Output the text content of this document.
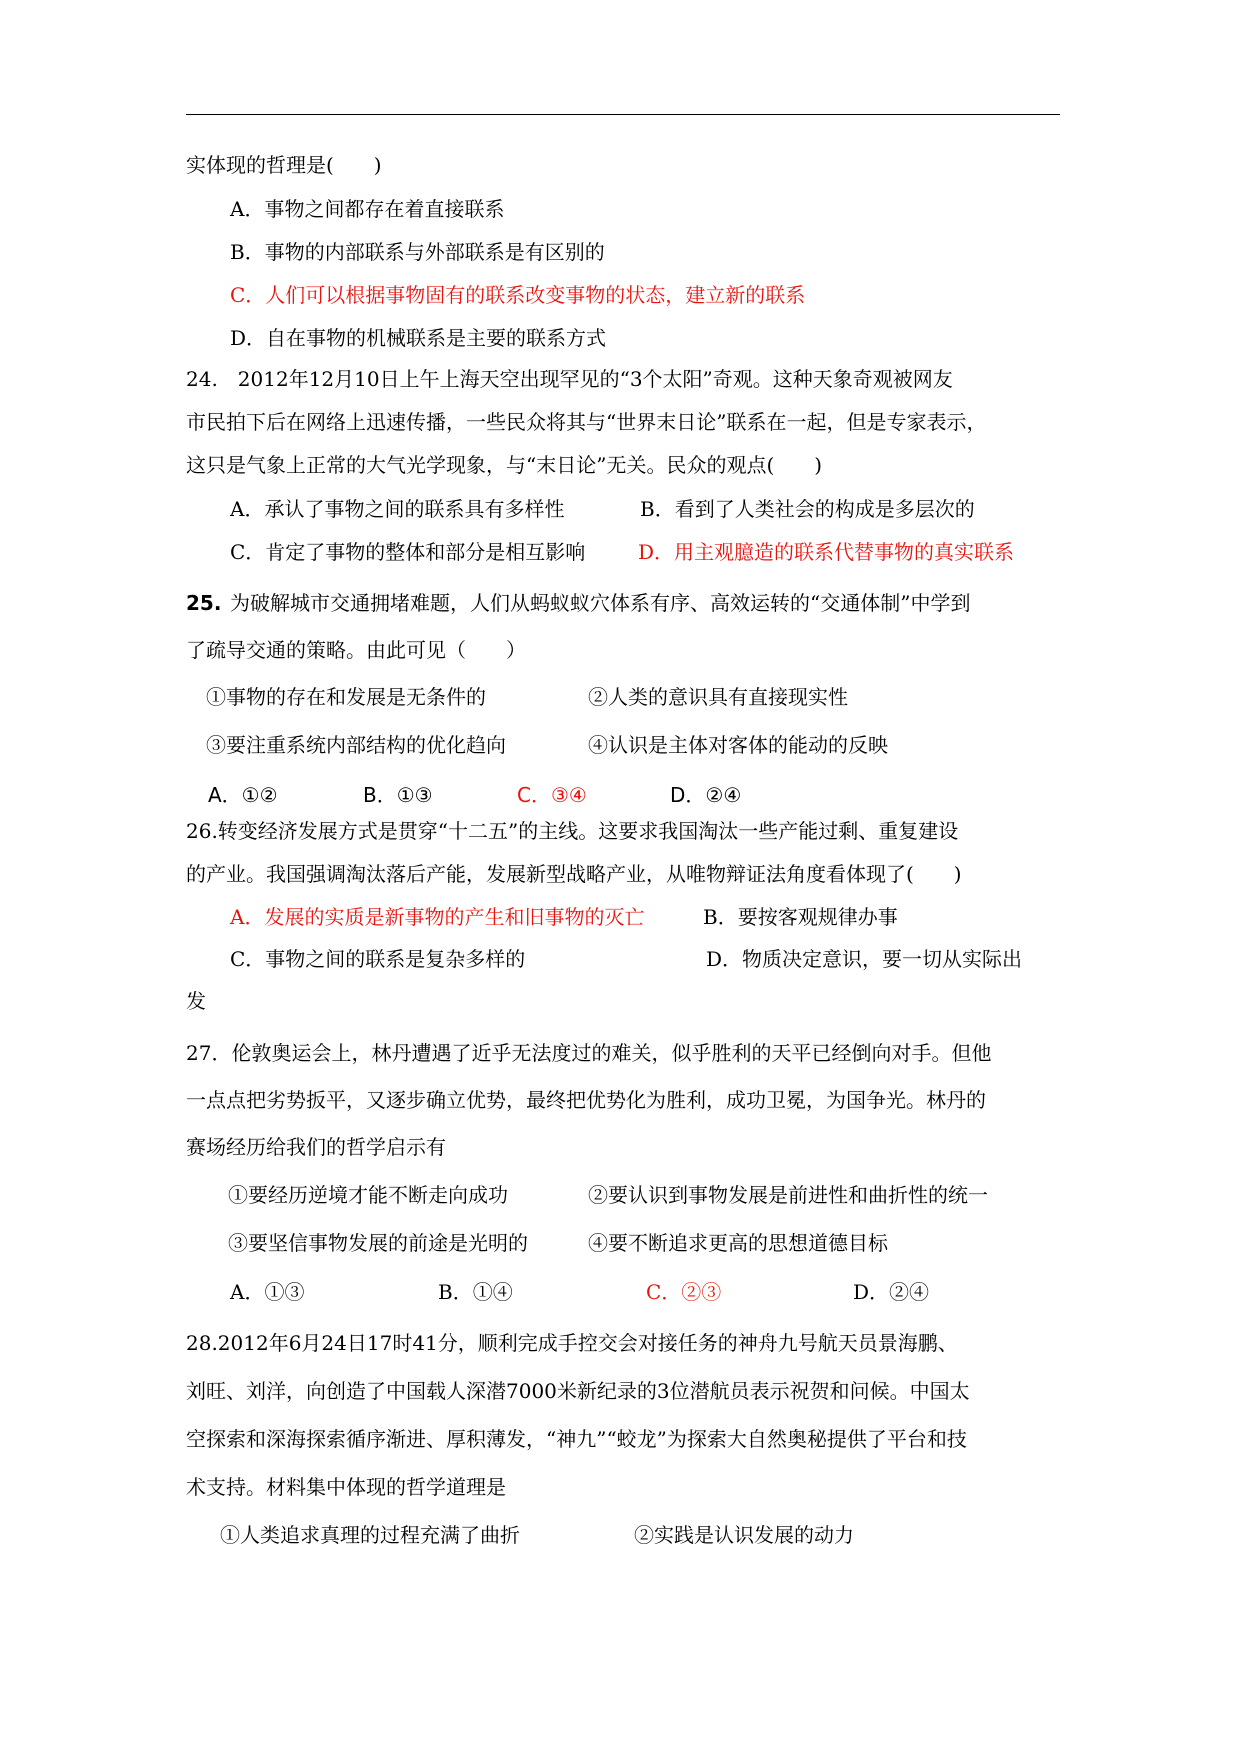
实体现的哲理是(　　)
A．事物之间都存在着直接联系
B．事物的内部联系与外部联系是有区别的
C．人们可以根据事物固有的联系改变事物的状态，建立新的联系
D．自在事物的机械联系是主要的联系方式
24.　2012年12月10日上午上海天空出现罕见的“3个太阳”奇观。这种天象奇观被网友
市民拍下后在网络上迅速传播，一些民众将其与“世界末日论”联系在一起，但是专家表示，
这只是气象上正常的大气光学现象，与“末日论”无关。民众的观点(　　)
A．承认了事物之间的联系具有多样性	B．看到了人类社会的构成是多层次的
C．肯定了事物的整体和部分是相互影响	D．用主观臆造的联系代替事物的真实联系
25. 为破解城市交通拥堵难题，人们从蚂蚁蚁穴体系有序、高效运转的“交通体制”中学到
了疏导交通的策略。由此可见（　　）
①事物的存在和发展是无条件的	②人类的意识具有直接现实性
③要注重系统内部结构的优化趋向	④认识是主体对客体的能动的反映
A．①②	B．①③	C．③④	D．②④
26.转变经济发展方式是贯穿“十二五”的主线。这要求我国淘汰一些产能过剩、重复建设
的产业。我国强调淘汰落后产能，发展新型战略产业，从唯物辩证法角度看体现了(　　)
A．发展的实质是新事物的产生和旧事物的灭亡	B．要按客观规律办事
C．事物之间的联系是复杂多样的	D．物质决定意识，要一切从实际出
发
27．伦敦奥运会上，林丹遭遇了近乎无法度过的难关，似乎胜利的天平已经倒向对手。但他
一点点把劣势扳平，又逐步确立优势，最终把优势化为胜利，成功卫冕，为国争光。林丹的
赛场经历给我们的哲学启示有
①要经历逆境才能不断走向成功	②要认识到事物发展是前进性和曲折性的统一
③要坚信事物发展的前途是光明的	④要不断追求更高的思想道德目标
A．①③	B．①④	C．②③	D．②④
28.2012年6月24日17时41分，顺利完成手控交会对接任务的神舟九号航天员景海鹏、
刘旺、刘洋，向创造了中国载人深潜7000米新纪录的3位潜航员表示祝贺和问候。中国太
空探索和深海探索循序渐进、厚积薄发，“神九”“蛟龙”为探索大自然奥秘提供了平台和技
术支持。材料集中体现的哲学道理是
①人类追求真理的过程充满了曲折	②实践是认识发展的动力
